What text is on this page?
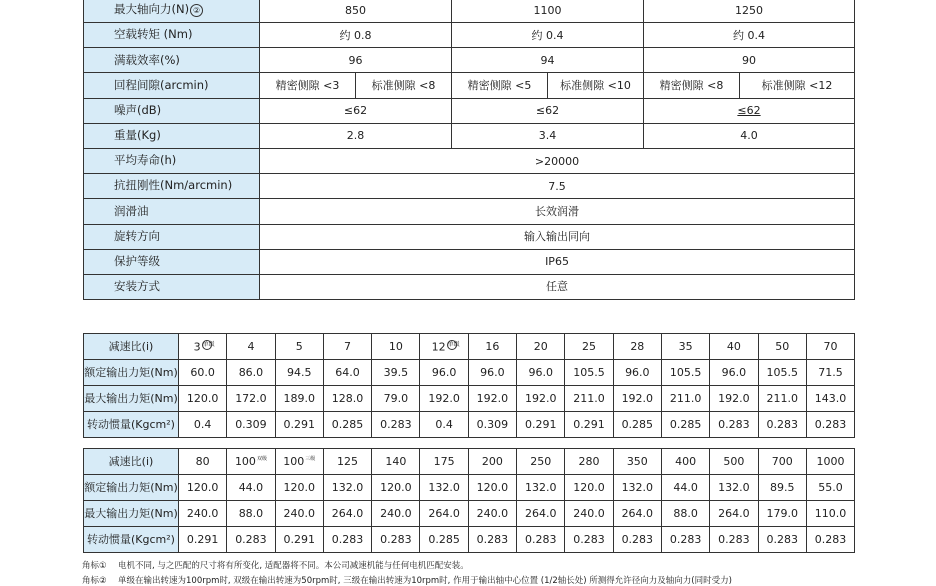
最大轴向力(N) ②	850		1100		1250	
空载转矩 (Nm)	约 0.8		约 0.4		约 0.4	
满载效率(%)	96		94		90	
回程间隙(arcmin)	精密侧隙 <3	标准侧隙 <8	精密侧隙 <5	标准侧隙 <10	精密侧隙 <8	标准侧隙 <12
噪声(dB)	≤62		≤62		≤62	
重量(Kg)	2.8		3.4		4.0	
平均寿命(h)	>20000					
抗扭刚性(Nm/arcmin)	7.5					
润滑油	长效润滑					
旋转方向	输入输出同向					
保护等级	IP65					
安装方式	任意					
减速比(i)	3 $^{单级}$	4	5	7	10	12 $^{单级}$	16	20	25	28	35	40	50	70
额定输出力矩(Nm)	60.0	86.0	94.5	64.0	39.5	96.0	96.0	96.0	105.5	96.0	105.5	96.0	105.5	71.5
最大输出力矩(Nm)	120.0	172.0	189.0	128.0	79.0	192.0	192.0	192.0	211.0	192.0	211.0	192.0	211.0	143.0
转动惯量(Kgcm²)	0.4	0.309	0.291	0.285	0.283	0.4	0.309	0.291	0.291	0.285	0.285	0.283	0.283	0.283
减速比(i)	80	$100^{双级}$	$100^{三级}$	125	140	175	200	250	280	350	400	500	700	1000
额定输出力矩(Nm)	120.0	44.0	120.0	132.0	120.0	132.0	120.0	132.0	120.0	132.0	44.0	132.0	89.5	55.0
最大输出力矩(Nm)	240.0	88.0	240.0	264.0	240.0	264.0	240.0	264.0	240.0	264.0	88.0	264.0	179.0	110.0
转动惯量(Kgcm²)	0.291	0.283	0.291	0.283	0.283	0.285	0.283	0.283	0.283	0.283	0.283	0.283	0.283	0.283
角标① 电机不同, 与之匹配的尺寸将有所变化, 适配器将不同。本公司减速机能与任何电机匹配安装。
角标② 单级在输出转速为100rpm时, 双级在输出转速为50rpm时, 三级在输出转速为10rpm时, 作用于输出轴中心位置 (1/2轴长处) 所测得允许径向力及轴向力(同时受力)
